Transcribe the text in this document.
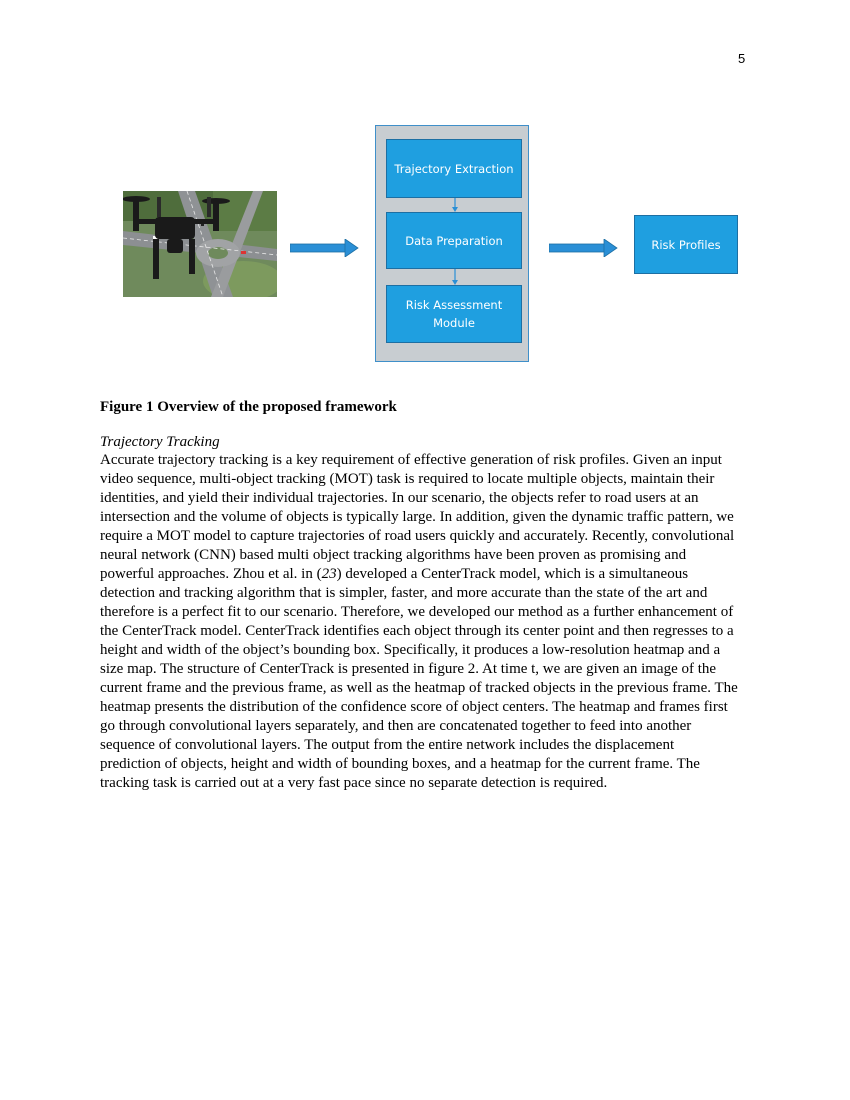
5
Trajectory Extraction
Data Preparation
Risk Assessment
Module
Risk Profiles
Figure 1 Overview of the proposed framework
Trajectory Tracking
Accurate trajectory tracking is a key requirement of effective generation of risk profiles. Given an input
video sequence, multi-object tracking (MOT) task is required to locate multiple objects, maintain their
identities, and yield their individual trajectories. In our scenario, the objects refer to road users at an
intersection and the volume of objects is typically large. In addition, given the dynamic traffic pattern, we
require a MOT model to capture trajectories of road users quickly and accurately. Recently, convolutional
neural network (CNN) based multi object tracking algorithms have been proven as promising and
powerful approaches. Zhou et al. in (23) developed a CenterTrack model, which is a simultaneous
detection and tracking algorithm that is simpler, faster, and more accurate than the state of the art and
therefore is a perfect fit to our scenario. Therefore, we developed our method as a further enhancement of
the CenterTrack model. CenterTrack identifies each object through its center point and then regresses to a
height and width of the object’s bounding box. Specifically, it produces a low-resolution heatmap and a
size map. The structure of CenterTrack is presented in figure 2. At time t, we are given an image of the
current frame and the previous frame, as well as the heatmap of tracked objects in the previous frame. The
heatmap presents the distribution of the confidence score of object centers. The heatmap and frames first
go through convolutional layers separately, and then are concatenated together to feed into another
sequence of convolutional layers. The output from the entire network includes the displacement
prediction of objects, height and width of bounding boxes, and a heatmap for the current frame. The
tracking task is carried out at a very fast pace since no separate detection is required.
